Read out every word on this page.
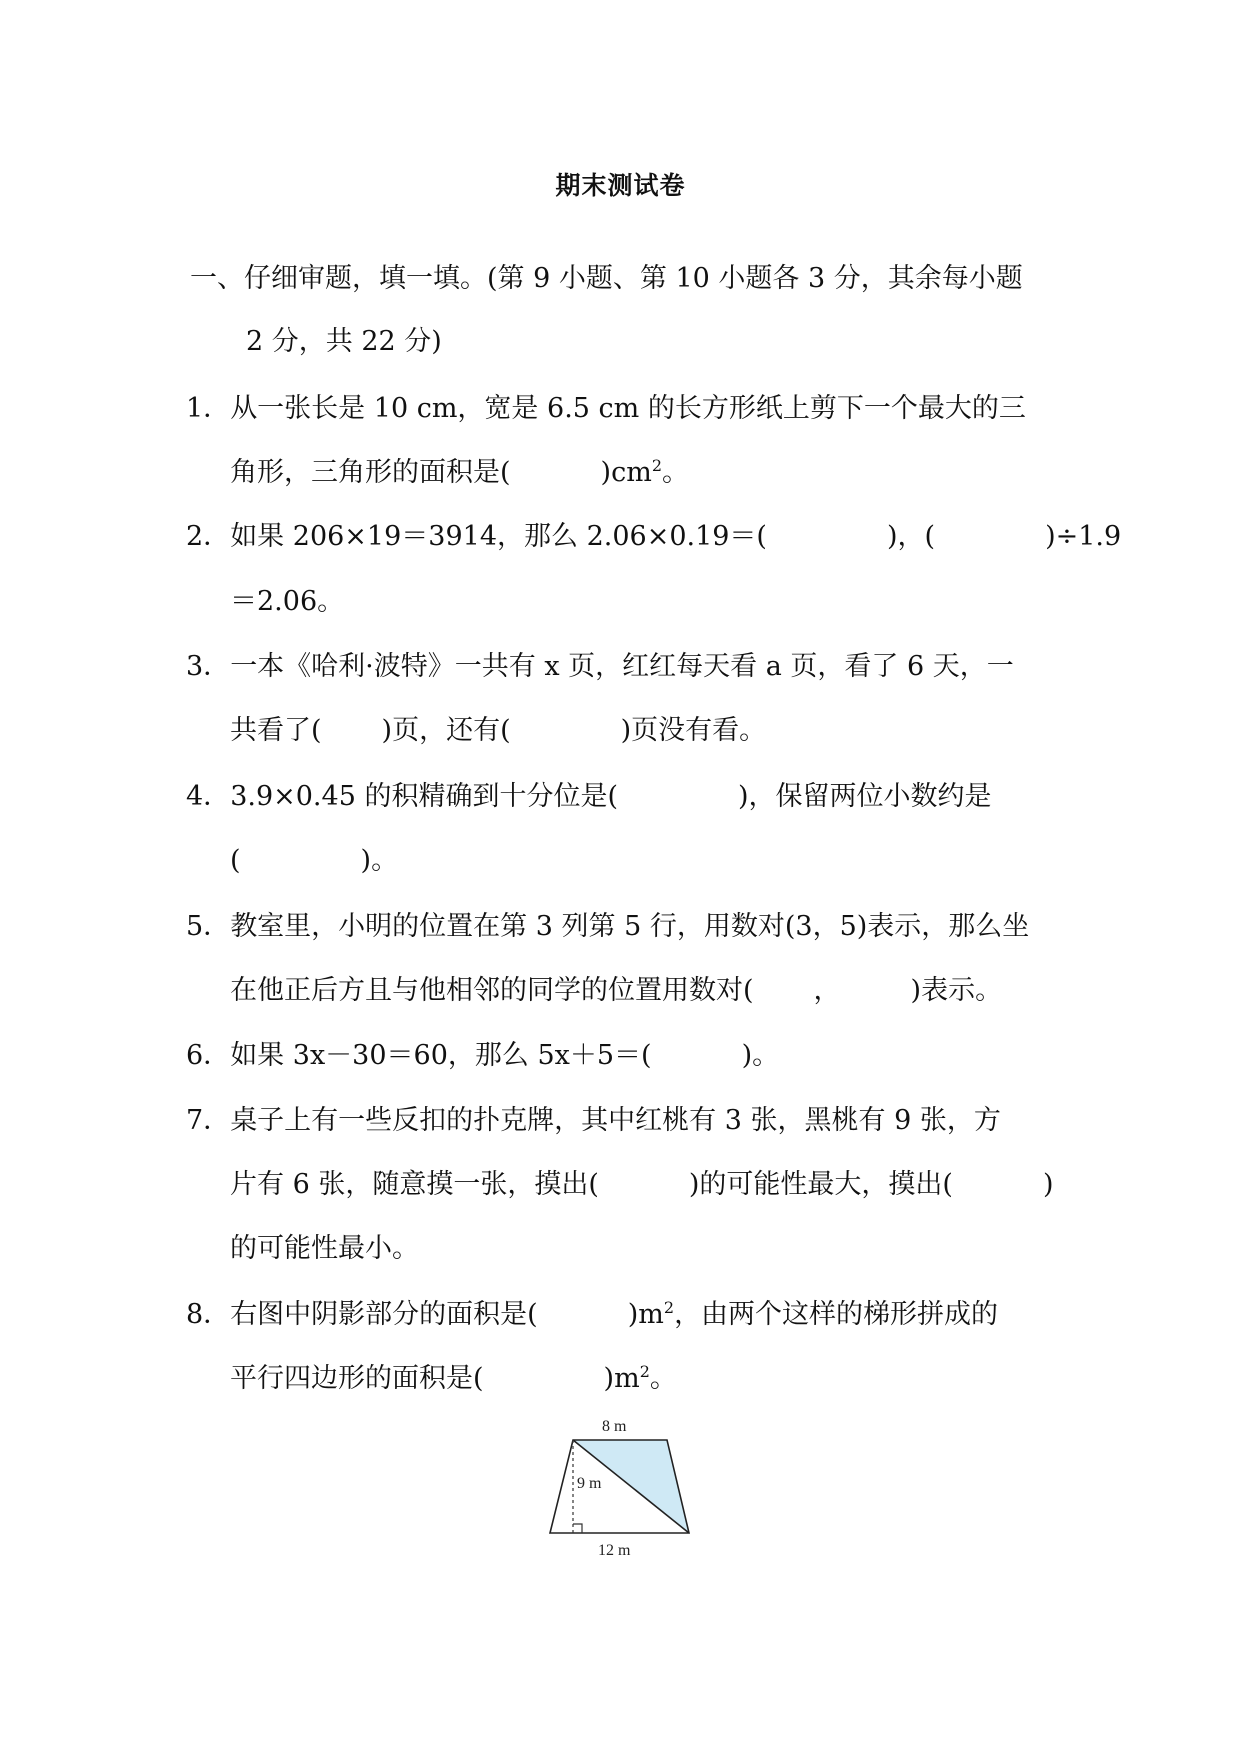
期末测试卷
一、仔细审题，填一填。(第 9 小题、第 10 小题各 3 分，其余每小题
2 分，共 22 分)
1．从一张长是 10 cm，宽是 6.5 cm 的长方形纸上剪下一个最大的三
角形，三角形的面积是(	)$cm^2$。
2．如果 206×19＝3914，那么 2.06×0.19＝(	)，(	)÷1.9
＝2.06。
3．一本《哈利·波特》一共有 x 页，红红每天看 a 页，看了 6 天，一
共看了( )页，还有(	)页没有看。
4．3.9×0.45 的积精确到十分位是(	)，保留两位小数约是
(	)。
5．教室里，小明的位置在第 3 列第 5 行，用数对(3，5)表示，那么坐
在他正后方且与他相邻的同学的位置用数对( ，	)表示。
6．如果 3x－30＝60，那么 5x＋5＝(	)。
7．桌子上有一些反扣的扑克牌，其中红桃有 3 张，黑桃有 9 张，方
片有 6 张，随意摸一张，摸出(	)的可能性最大，摸出(	)
的可能性最小。
8．右图中阴影部分的面积是(	)$m^2$，由两个这样的梯形拼成的
平行四边形的面积是(	)$m^2$。
8 m
9 m
12 m
